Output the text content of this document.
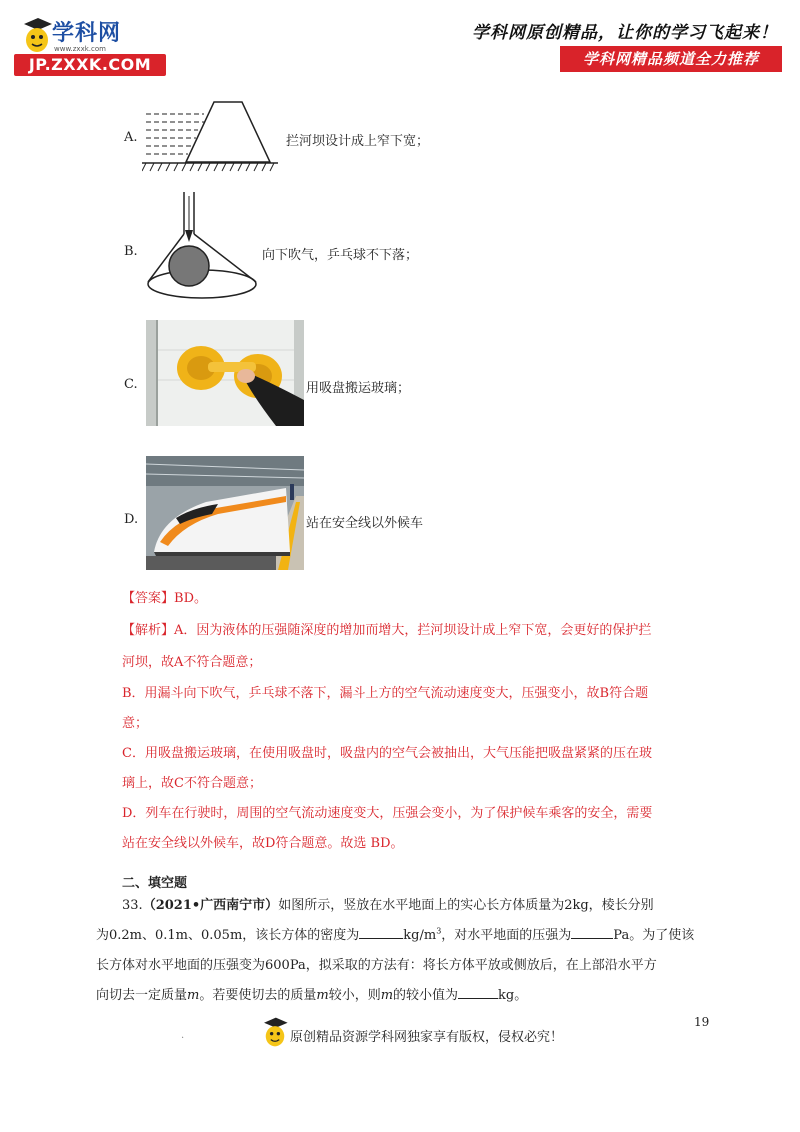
学科网
www.zxxk.com
JP.ZXXK.COM
学科网原创精品，让你的学习飞起来！
学科网精品频道全力推荐
A.	拦河坝设计成上窄下宽；
B.	向下吹气，乒乓球不下落；
C.	用吸盘搬运玻璃；
D.	站在安全线以外候车
【答案】BD。
【解析】A．因为液体的压强随深度的增加而增大，拦河坝设计成上窄下宽，会更好的保护拦
河坝，故A不符合题意；
B．用漏斗向下吹气，乒乓球不落下，漏斗上方的空气流动速度变大，压强变小，故B符合题
意；
C．用吸盘搬运玻璃，在使用吸盘时，吸盘内的空气会被抽出，大气压能把吸盘紧紧的压在玻
璃上，故C不符合题意；
D．列车在行驶时，周围的空气流动速度变大，压强会变小，为了保护候车乘客的安全，需要
站在安全线以外候车，故D符合题意。故选 BD。
二、填空题
33.（2021•广西南宁市）如图所示，竖放在水平地面上的实心长方体质量为2kg，棱长分别
为0.2m、0.1m、0.05m，该长方体的密度为	$kg/m^3$，对水平地面的压强为	Pa。为了使该
长方体对水平地面的压强变为600Pa，拟采取的方法有：将长方体平放或侧放后，在上部沿水平方
向切去一定质量m。若要使切去的质量m较小，则m的较小值为	kg。
19
.	原创精品资源学科网独家享有版权，侵权必究！
